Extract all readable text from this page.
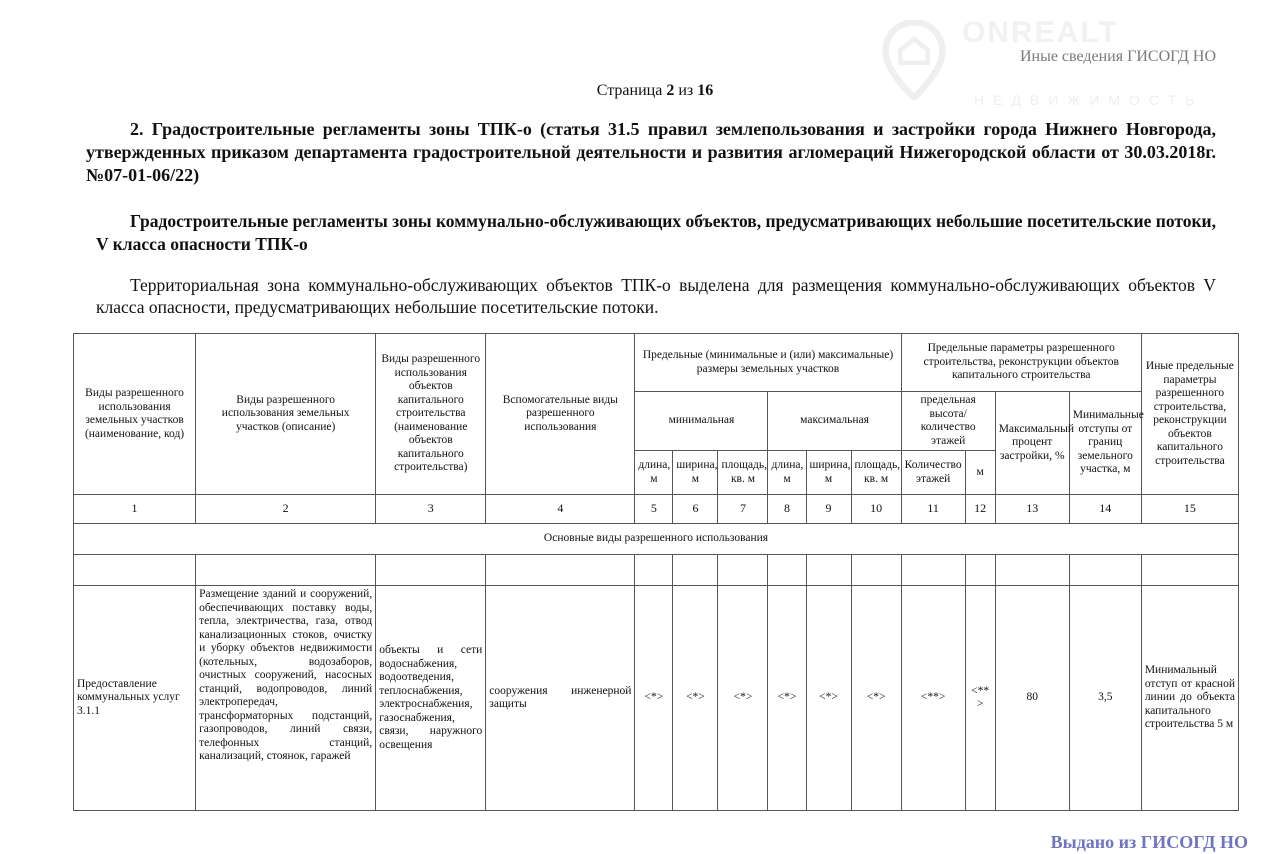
ONREALT
НЕДВИЖИМОСТЬ
Иные сведения ГИСОГД НО
Страница 2 из 16
2. Градостроительные регламенты зоны ТПК-о (статья 31.5 правил землепользования и застройки города Нижнего Новгорода, утвержденных приказом департамента градостроительной деятельности и развития агломераций Нижегородской области от 30.03.2018г. №07-01-06/22)
Градостроительные регламенты зоны коммунально-обслуживающих объектов, предусматривающих небольшие посетительские потоки, V класса опасности ТПК-о
Территориальная зона коммунально-обслуживающих объектов ТПК-о выделена для размещения коммунально-обслуживающих объектов V класса опасности, предусматривающих небольшие посетительские потоки.
Виды разрешенного использования земельных участков (наименование, код)	Виды разрешенного использования земельных участков (описание)	Виды разрешенного использования объектов капитального строительства (наименование объектов капитального строительства)	Вспомогательные виды разрешенного использования	Предельные (минимальные и (или) максимальные) размеры земельных участков						Предельные параметры разрешенного строительства, реконструкции объектов капитального строительства				Иные предельные параметры разрешенного строительства, реконструкции объектов капитального строительства
				минимальная			максимальная			предельная высота/количество этажей		Максимальный процент застройки, %	Минимальные отступы от границ земельного участка, м	
				длина, м	ширина, м	площадь, кв. м	длина, м	ширина, м	площадь, кв. м	Количество этажей	м			
1	2	3	4	5	6	7	8	9	10	11	12	13	14	15
Основные виды разрешенного использования														

Предоставление коммунальных услуг 3.1.1	Размещение зданий и сооружений, обеспечивающих поставку воды, тепла, электричества, газа, отвод канализационных стоков, очистку и уборку объектов недвижимости (котельных, водозаборов, очистных сооружений, насосных станций, водопроводов, линий электропередач, трансформаторных подстанций, газопроводов, линий связи, телефонных станций, канализаций, стоянок, гаражей	объекты и сети водоснабжения, водоотведения, теплоснабжения, электроснабжения, газоснабжения, связи, наружного освещения	сооружения инженерной защиты	<*>	<*>	<*>	<*>	<*>	<*>	<**>	<**>	80	3,5	Минимальный отступ от красной линии до объекта капитального строительства 5 м
Выдано из ГИСОГД НО
